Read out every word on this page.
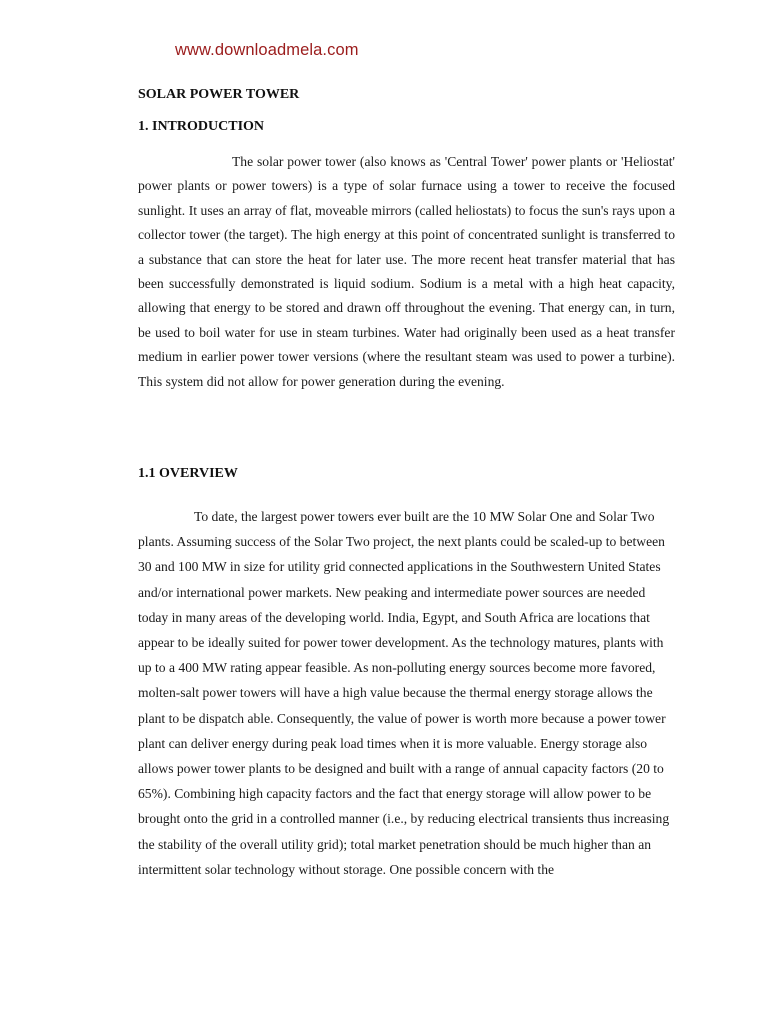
www.downloadmela.com
SOLAR POWER TOWER
1. INTRODUCTION

The solar power tower (also knows as 'Central Tower' power plants or 'Heliostat' power plants or power towers) is a type of solar furnace using a tower to receive the focused sunlight. It uses an array of flat, moveable mirrors (called heliostats) to focus the sun's rays upon a collector tower (the target). The high energy at this point of concentrated sunlight is transferred to a substance that can store the heat for later use. The more recent heat transfer material that has been successfully demonstrated is liquid sodium. Sodium is a metal with a high heat capacity, allowing that energy to be stored and drawn off throughout the evening. That energy can, in turn, be used to boil water for use in steam turbines. Water had originally been used as a heat transfer medium in earlier power tower versions (where the resultant steam was used to power a turbine). This system did not allow for power generation during the evening.

1.1 OVERVIEW

To date, the largest power towers ever built are the 10 MW Solar One and Solar Two plants. Assuming success of the Solar Two project, the next plants could be scaled-up to between 30 and 100 MW in size for utility grid connected applications in the Southwestern United States and/or international power markets. New peaking and intermediate power sources are needed today in many areas of the developing world. India, Egypt, and South Africa are locations that appear to be ideally suited for power tower development. As the technology matures, plants with up to a 400 MW rating appear feasible. As non-polluting energy sources become more favored, molten-salt power towers will have a high value because the thermal energy storage allows the plant to be dispatch able. Consequently, the value of power is worth more because a power tower plant can deliver energy during peak load times when it is more valuable. Energy storage also allows power tower plants to be designed and built with a range of annual capacity factors (20 to 65%). Combining high capacity factors and the fact that energy storage will allow power to be brought onto the grid in a controlled manner (i.e., by reducing electrical transients thus increasing the stability of the overall utility grid); total market penetration should be much higher than an intermittent solar technology without storage. One possible concern with the
